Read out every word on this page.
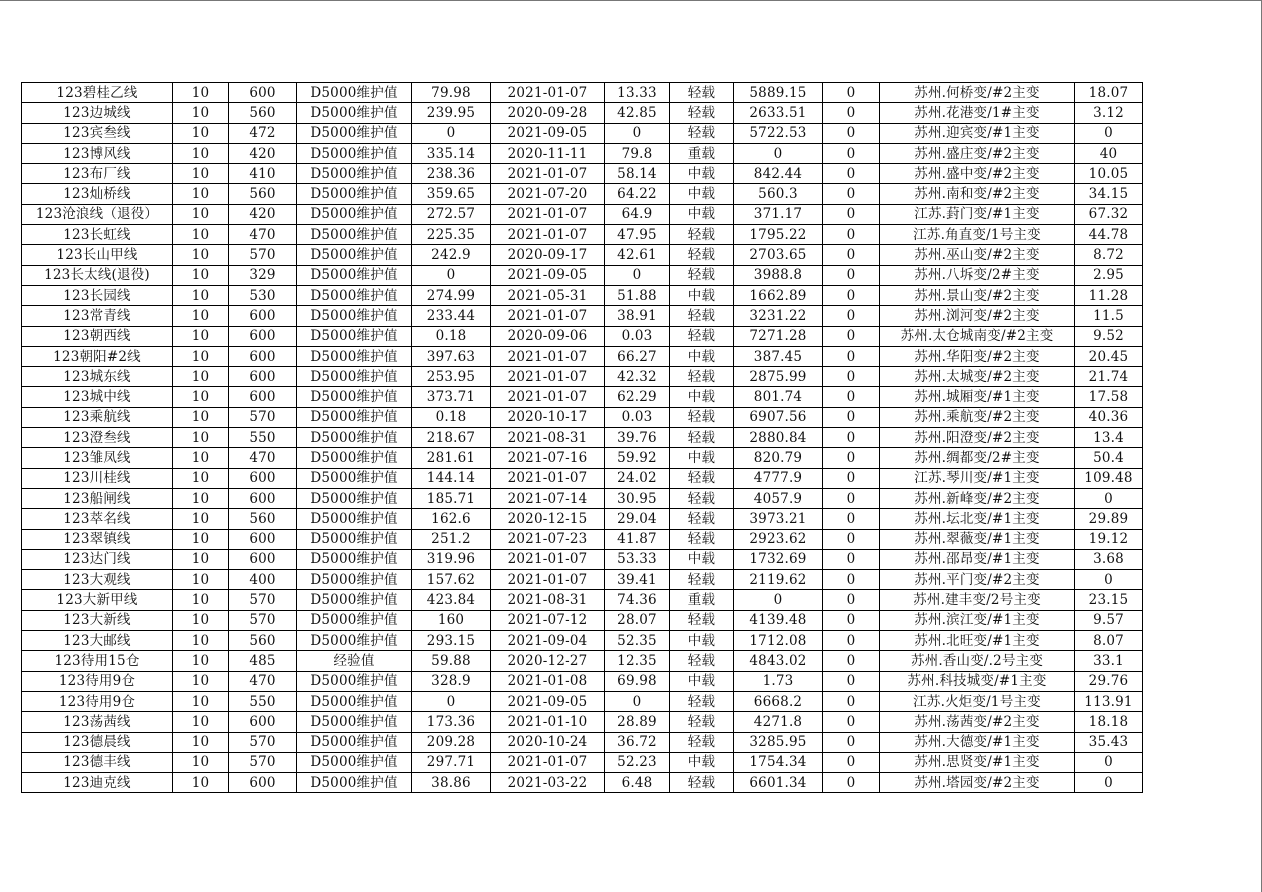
123碧桂乙线	10	600	D5000维护值	79.98	2021-01-07	13.33	轻载	5889.15	0	苏州.何桥变/#2主变	18.07
123边城线	10	560	D5000维护值	239.95	2020-09-28	42.85	轻载	2633.51	0	苏州.花港变/1#主变	3.12
123宾叁线	10	472	D5000维护值	0	2021-09-05	0	轻载	5722.53	0	苏州.迎宾变/#1主变	0
123博风线	10	420	D5000维护值	335.14	2020-11-11	79.8	重载	0	0	苏州.盛庄变/#2主变	40
123布厂线	10	410	D5000维护值	238.36	2021-01-07	58.14	中载	842.44	0	苏州.盛中变/#2主变	10.05
123灿桥线	10	560	D5000维护值	359.65	2021-07-20	64.22	中载	560.3	0	苏州.南和变/#2主变	34.15
123沧浪线（退役）	10	420	D5000维护值	272.57	2021-01-07	64.9	中载	371.17	0	江苏.葑门变/#1主变	67.32
123长虹线	10	470	D5000维护值	225.35	2021-01-07	47.95	轻载	1795.22	0	江苏.角直变/1号主变	44.78
123长山甲线	10	570	D5000维护值	242.9	2020-09-17	42.61	轻载	2703.65	0	苏州.巫山变/#2主变	8.72
123长太线(退役)	10	329	D5000维护值	0	2021-09-05	0	轻载	3988.8	0	苏州.八坼变/2#主变	2.95
123长园线	10	530	D5000维护值	274.99	2021-05-31	51.88	中载	1662.89	0	苏州.景山变/#2主变	11.28
123常青线	10	600	D5000维护值	233.44	2021-01-07	38.91	轻载	3231.22	0	苏州.浏河变/#2主变	11.5
123朝西线	10	600	D5000维护值	0.18	2020-09-06	0.03	轻载	7271.28	0	苏州.太仓城南变/#2主变	9.52
123朝阳#2线	10	600	D5000维护值	397.63	2021-01-07	66.27	中载	387.45	0	苏州.华阳变/#2主变	20.45
123城东线	10	600	D5000维护值	253.95	2021-01-07	42.32	轻载	2875.99	0	苏州.太城变/#2主变	21.74
123城中线	10	600	D5000维护值	373.71	2021-01-07	62.29	中载	801.74	0	苏州.城厢变/#1主变	17.58
123乘航线	10	570	D5000维护值	0.18	2020-10-17	0.03	轻载	6907.56	0	苏州.乘航变/#2主变	40.36
123澄叁线	10	550	D5000维护值	218.67	2021-08-31	39.76	轻载	2880.84	0	苏州.阳澄变/#2主变	13.4
123雏凤线	10	470	D5000维护值	281.61	2021-07-16	59.92	中载	820.79	0	苏州.绸都变/2#主变	50.4
123川桂线	10	600	D5000维护值	144.14	2021-01-07	24.02	轻载	4777.9	0	江苏.琴川变/#1主变	109.48
123船闸线	10	600	D5000维护值	185.71	2021-07-14	30.95	轻载	4057.9	0	苏州.新峰变/#2主变	0
123萃名线	10	560	D5000维护值	162.6	2020-12-15	29.04	轻载	3973.21	0	苏州.坛北变/#1主变	29.89
123翠镇线	10	600	D5000维护值	251.2	2021-07-23	41.87	轻载	2923.62	0	苏州.翠薇变/#1主变	19.12
123达门线	10	600	D5000维护值	319.96	2021-01-07	53.33	中载	1732.69	0	苏州.邵昂变/#1主变	3.68
123大观线	10	400	D5000维护值	157.62	2021-01-07	39.41	轻载	2119.62	0	苏州.平门变/#2主变	0
123大新甲线	10	570	D5000维护值	423.84	2021-08-31	74.36	重载	0	0	苏州.建丰变/2号主变	23.15
123大新线	10	570	D5000维护值	160	2021-07-12	28.07	轻载	4139.48	0	苏州.滨江变/#1主变	9.57
123大邮线	10	560	D5000维护值	293.15	2021-09-04	52.35	中载	1712.08	0	苏州.北旺变/#1主变	8.07
123待用15仓	10	485	经验值	59.88	2020-12-27	12.35	轻载	4843.02	0	苏州.香山变/.2号主变	33.1
123待用9仓	10	470	D5000维护值	328.9	2021-01-08	69.98	中载	1.73	0	苏州.科技城变/#1主变	29.76
123待用9仓	10	550	D5000维护值	0	2021-09-05	0	轻载	6668.2	0	江苏.火炬变/1号主变	113.91
123荡茜线	10	600	D5000维护值	173.36	2021-01-10	28.89	轻载	4271.8	0	苏州.荡茜变/#2主变	18.18
123德晨线	10	570	D5000维护值	209.28	2020-10-24	36.72	轻载	3285.95	0	苏州.大德变/#1主变	35.43
123德丰线	10	570	D5000维护值	297.71	2021-01-07	52.23	中载	1754.34	0	苏州.思贤变/#1主变	0
123迪克线	10	600	D5000维护值	38.86	2021-03-22	6.48	轻载	6601.34	0	苏州.塔园变/#2主变	0
